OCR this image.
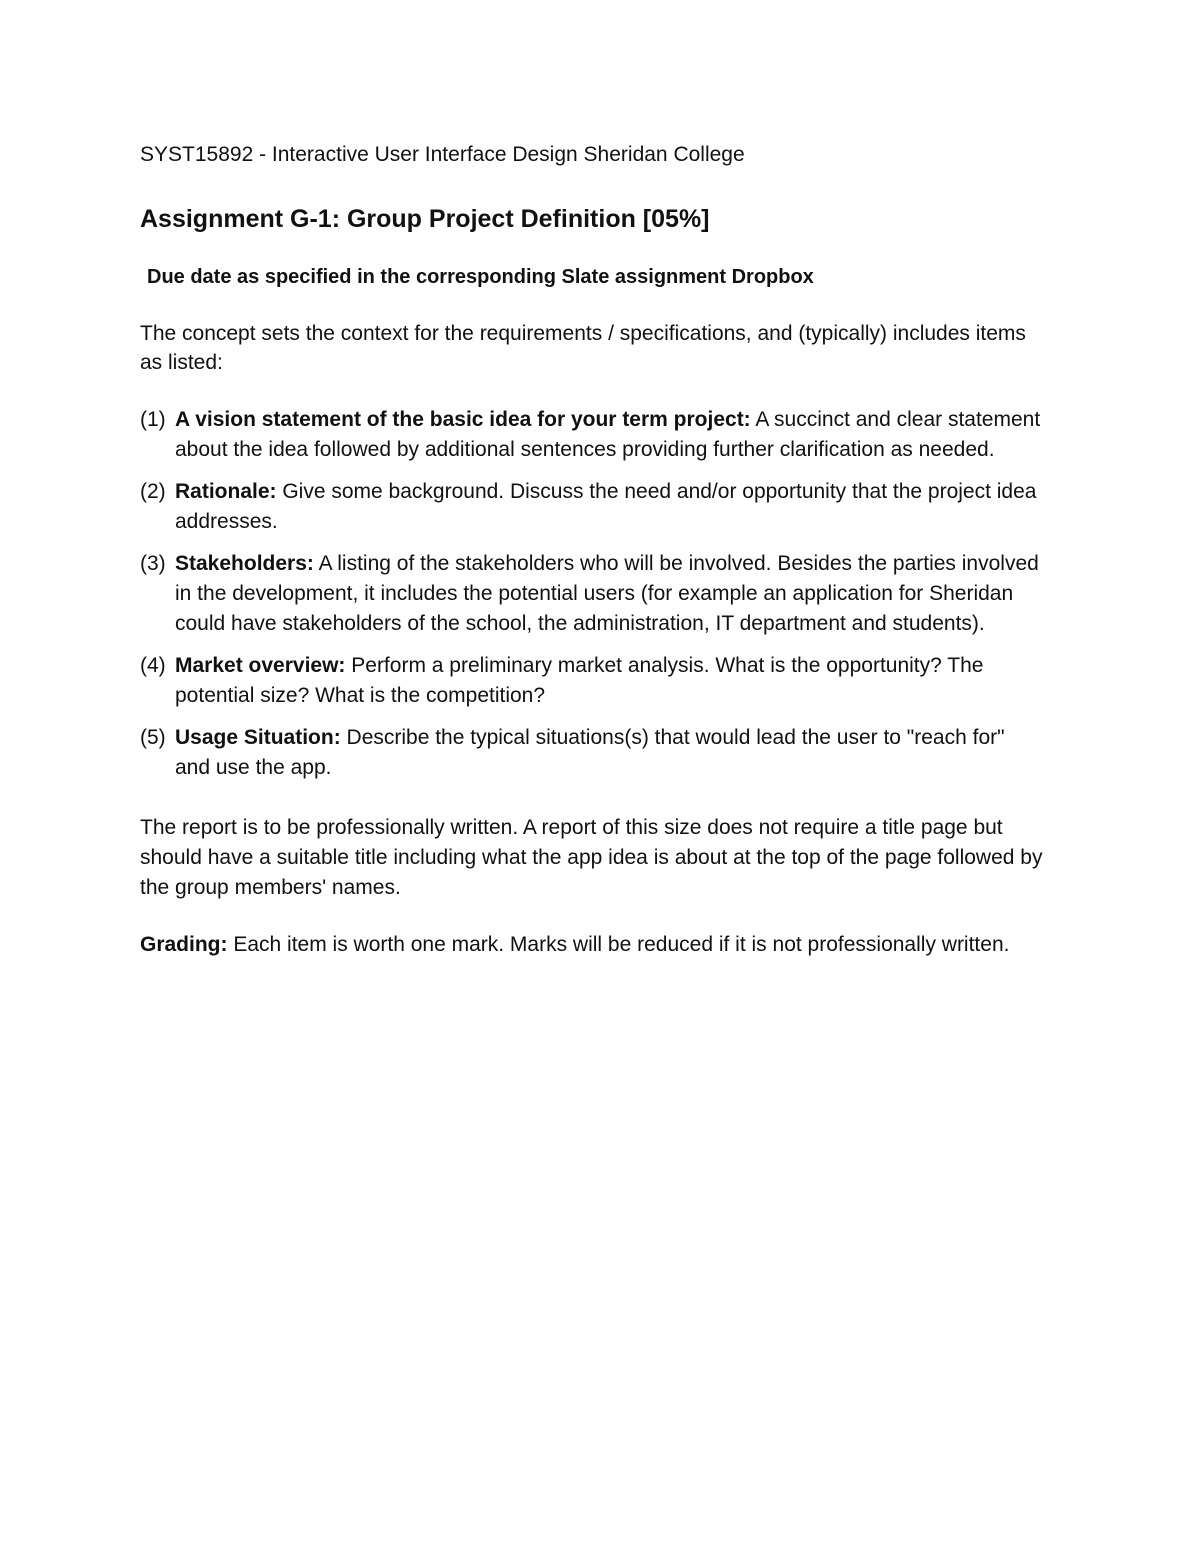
SYST15892 - Interactive User Interface Design Sheridan College

Assignment G-1: Group Project Definition [05%]

Due date as specified in the corresponding Slate assignment Dropbox

The concept sets the context for the requirements / specifications, and (typically) includes items as listed:

(1) A vision statement of the basic idea for your term project: A succinct and clear statement about the idea followed by additional sentences providing further clarification as needed.
(2) Rationale: Give some background. Discuss the need and/or opportunity that the project idea addresses.
(3) Stakeholders: A listing of the stakeholders who will be involved. Besides the parties involved in the development, it includes the potential users (for example an application for Sheridan could have stakeholders of the school, the administration, IT department and students).
(4) Market overview: Perform a preliminary market analysis. What is the opportunity? The potential size? What is the competition?
(5) Usage Situation: Describe the typical situations(s) that would lead the user to "reach for" and use the app.

The report is to be professionally written. A report of this size does not require a title page but should have a suitable title including what the app idea is about at the top of the page followed by the group members' names.

Grading: Each item is worth one mark. Marks will be reduced if it is not professionally written.
